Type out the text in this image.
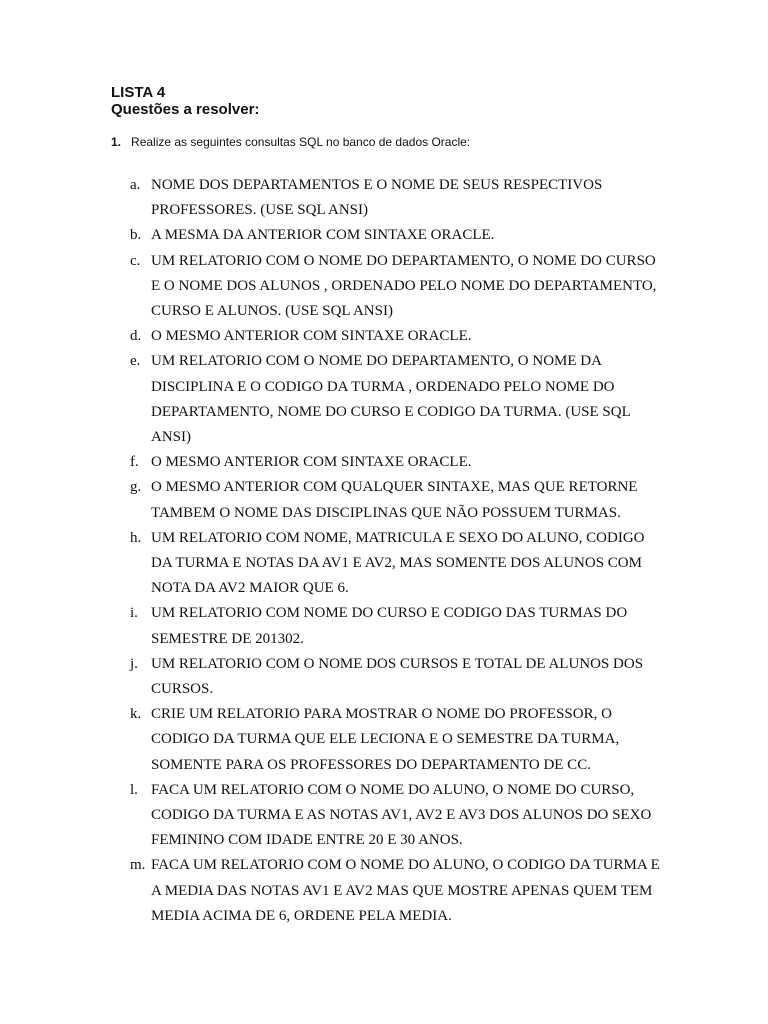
LISTA 4
Questões a resolver:

1. Realize as seguintes consultas SQL no banco de dados Oracle:

a. NOME DOS DEPARTAMENTOS E O NOME DE SEUS RESPECTIVOS PROFESSORES. (USE SQL ANSI)
b. A MESMA DA ANTERIOR COM SINTAXE ORACLE.
c. UM RELATORIO COM O NOME DO DEPARTAMENTO, O NOME DO CURSO E O NOME DOS ALUNOS , ORDENADO PELO NOME DO DEPARTAMENTO, CURSO E ALUNOS. (USE SQL ANSI)
d. O MESMO ANTERIOR COM SINTAXE ORACLE.
e. UM RELATORIO COM O NOME DO DEPARTAMENTO, O NOME DA DISCIPLINA E O CODIGO DA TURMA , ORDENADO PELO NOME DO DEPARTAMENTO, NOME DO CURSO E CODIGO DA TURMA. (USE SQL ANSI)
f. O MESMO ANTERIOR COM SINTAXE ORACLE.
g. O MESMO ANTERIOR COM QUALQUER SINTAXE, MAS QUE RETORNE TAMBEM O NOME DAS DISCIPLINAS QUE NÃO POSSUEM TURMAS.
h. UM RELATORIO COM NOME, MATRICULA E SEXO DO ALUNO, CODIGO DA TURMA E NOTAS DA AV1 E AV2, MAS SOMENTE DOS ALUNOS COM NOTA DA AV2 MAIOR QUE 6.
i. UM RELATORIO COM NOME DO CURSO E CODIGO DAS TURMAS DO SEMESTRE DE 201302.
j. UM RELATORIO COM O NOME DOS CURSOS E TOTAL DE ALUNOS DOS CURSOS.
k. CRIE UM RELATORIO PARA MOSTRAR O NOME DO PROFESSOR, O CODIGO DA TURMA QUE ELE LECIONA E O SEMESTRE DA TURMA, SOMENTE PARA OS PROFESSORES DO DEPARTAMENTO DE CC.
l. FACA UM RELATORIO COM O NOME DO ALUNO, O NOME DO CURSO, CODIGO DA TURMA E AS NOTAS AV1, AV2 E AV3 DOS ALUNOS DO SEXO FEMININO COM IDADE ENTRE 20 E 30 ANOS.
m. FACA UM RELATORIO COM O NOME DO ALUNO, O CODIGO DA TURMA E A MEDIA DAS NOTAS AV1 E AV2 MAS QUE MOSTRE APENAS QUEM TEM MEDIA ACIMA DE 6, ORDENE PELA MEDIA.
